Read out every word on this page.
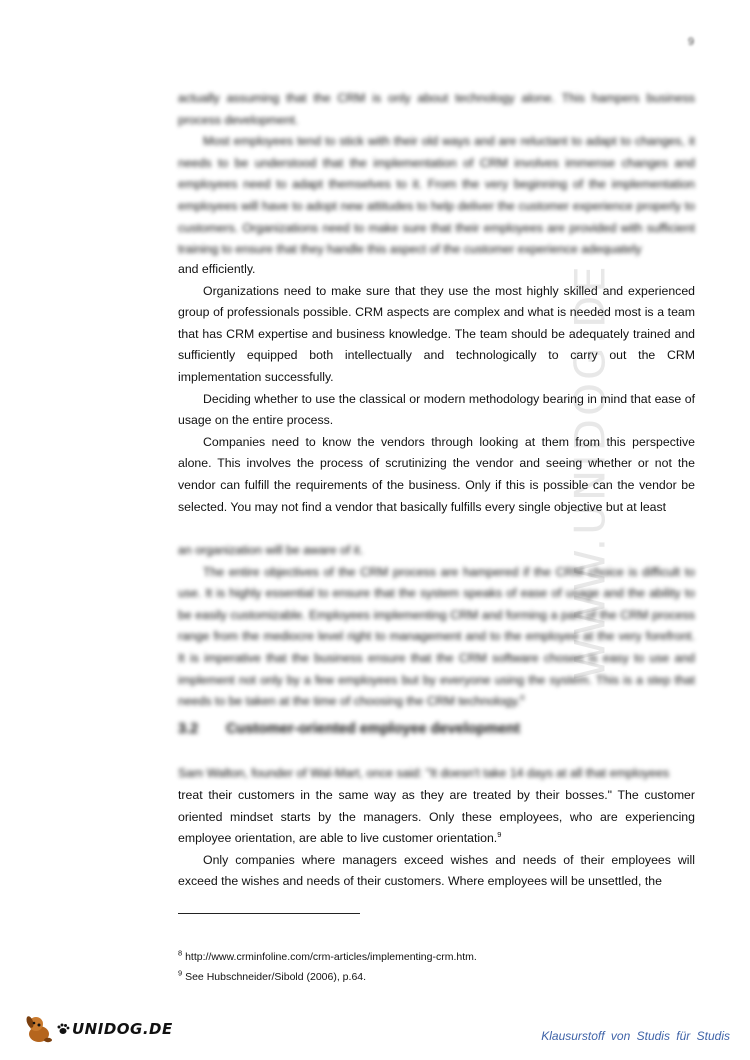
9
WWW.UNIDOG.DE

actually assuming that the CRM is only about technology alone. This hampers business process development.

Most employees tend to stick with their old ways and are reluctant to adapt to changes, it needs to be understood that the implementation of CRM involves immense changes and employees need to adapt themselves to it. From the very beginning of the implementation employees will have to adopt new attitudes to help deliver the customer experience properly to customers. Organizations need to make sure that their employees are provided with sufficient training to ensure that they handle this aspect of the customer experience adequately

and efficiently.

Organizations need to make sure that they use the most highly skilled and experienced group of professionals possible. CRM aspects are complex and what is needed most is a team that has CRM expertise and business knowledge. The team should be adequately trained and sufficiently equipped both intellectually and technologically to carry out the CRM implementation successfully.

Deciding whether to use the classical or modern methodology bearing in mind that ease of usage on the entire process.

Companies need to know the vendors through looking at them from this perspective alone. This involves the process of scrutinizing the vendor and seeing whether or not the vendor can fulfill the requirements of the business. Only if this is possible can the vendor be selected. You may not find a vendor that basically fulfills every single objective but at least

an organization will be aware of it.

The entire objectives of the CRM process are hampered if the CRM choice is difficult to use. It is highly essential to ensure that the system speaks of ease of usage and the ability to be easily customizable. Employees implementing CRM and forming a part of the CRM process range from the mediocre level right to management and to the employee at the very forefront. It is imperative that the business ensure that the CRM software chosen is easy to use and implement not only by a few employees but by everyone using the system. This is a step that needs to be taken at the time of choosing the CRM technology.$^8$

3.2 Customer-oriented employee development

Sam Walton, founder of Wal-Mart, once said: "It doesn't take 14 days at all that employees

treat their customers in the same way as they are treated by their bosses." The customer oriented mindset starts by the managers. Only these employees, who are experiencing employee orientation, are able to live customer orientation.$^9$

Only companies where managers exceed wishes and needs of their employees will exceed the wishes and needs of their customers. Where employees will be unsettled, the

$^8$ http://www.crminfoline.com/crm-articles/implementing-crm.htm.

$^9$ See Hubschneider/Sibold (2006), p.64.

UNIDOG.DE	Klausurstoff von Studis für Studis
